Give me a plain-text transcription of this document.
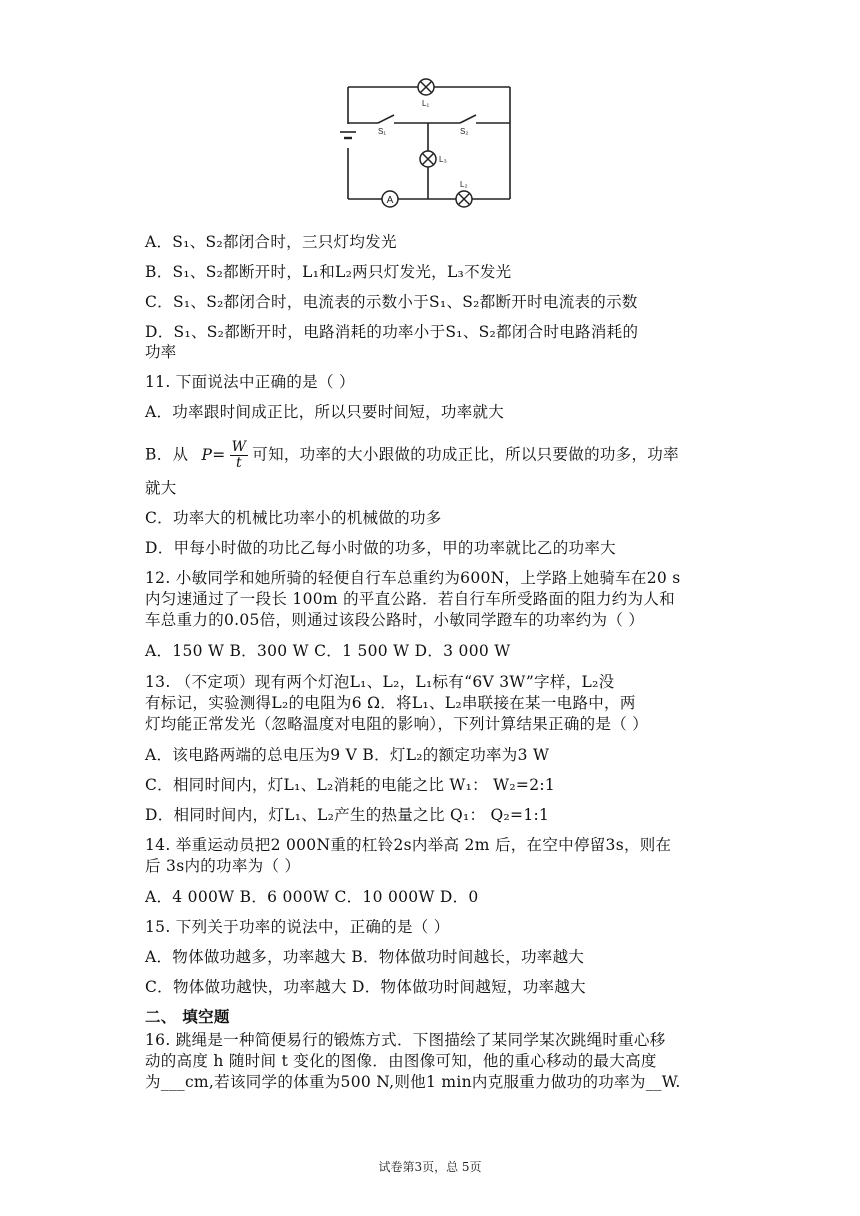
A
L₁
S₁	S₂
L₃
L₂
A．S₁、S₂都闭合时，三只灯均发光
B．S₁、S₂都断开时，L₁和L₂两只灯发光，L₃不发光
C．S₁、S₂都闭合时，电流表的示数小于S₁、S₂都断开时电流表的示数
D．S₁、S₂都断开时，电路消耗的功率小于S₁、S₂都闭合时电路消耗的
功率
11. 下面说法中正确的是（ ）
A．功率跟时间成正比，所以只要时间短，功率就大
B．从 $P= \frac{W}{t}$ 可知，功率的大小跟做的功成正比，所以只要做的功多，功率
就大
C．功率大的机械比功率小的机械做的功多
D．甲每小时做的功比乙每小时做的功多，甲的功率就比乙的功率大
12. 小敏同学和她所骑的轻便自行车总重约为600N，上学路上她骑车在20 s
内匀速通过了一段长 100m 的平直公路．若自行车所受路面的阻力约为人和
车总重力的0.05倍，则通过该段公路时，小敏同学蹬车的功率约为（ ）
A．150 W B．300 W C．1 500 W D．3 000 W
13. （不定项）现有两个灯泡L₁、L₂，L₁标有“6V 3W”字样，L₂没
有标记，实验测得L₂的电阻为6 Ω．将L₁、L₂串联接在某一电路中，两
灯均能正常发光（忽略温度对电阻的影响），下列计算结果正确的是（ ）
A．该电路两端的总电压为9 V B．灯L₂的额定功率为3 W
C．相同时间内，灯L₁、L₂消耗的电能之比 W₁： W₂=2:1
D．相同时间内，灯L₁、L₂产生的热量之比 Q₁： Q₂=1:1
14. 举重运动员把2 000N重的杠铃2s内举高 2m 后，在空中停留3s，则在
后 3s内的功率为（ ）
A．4 000W B．6 000W C．10 000W D．0
15. 下列关于功率的说法中，正确的是（ ）
A．物体做功越多，功率越大 B．物体做功时间越长，功率越大
C．物体做功越快，功率越大 D．物体做功时间越短，功率越大
二、 填空题
16. 跳绳是一种简便易行的锻炼方式．下图描绘了某同学某次跳绳时重心移
动的高度 h 随时间 t 变化的图像．由图像可知，他的重心移动的最大高度
为___cm,若该同学的体重为500 N,则他1 min内克服重力做功的功率为__W.
试卷第3页，总 5页
